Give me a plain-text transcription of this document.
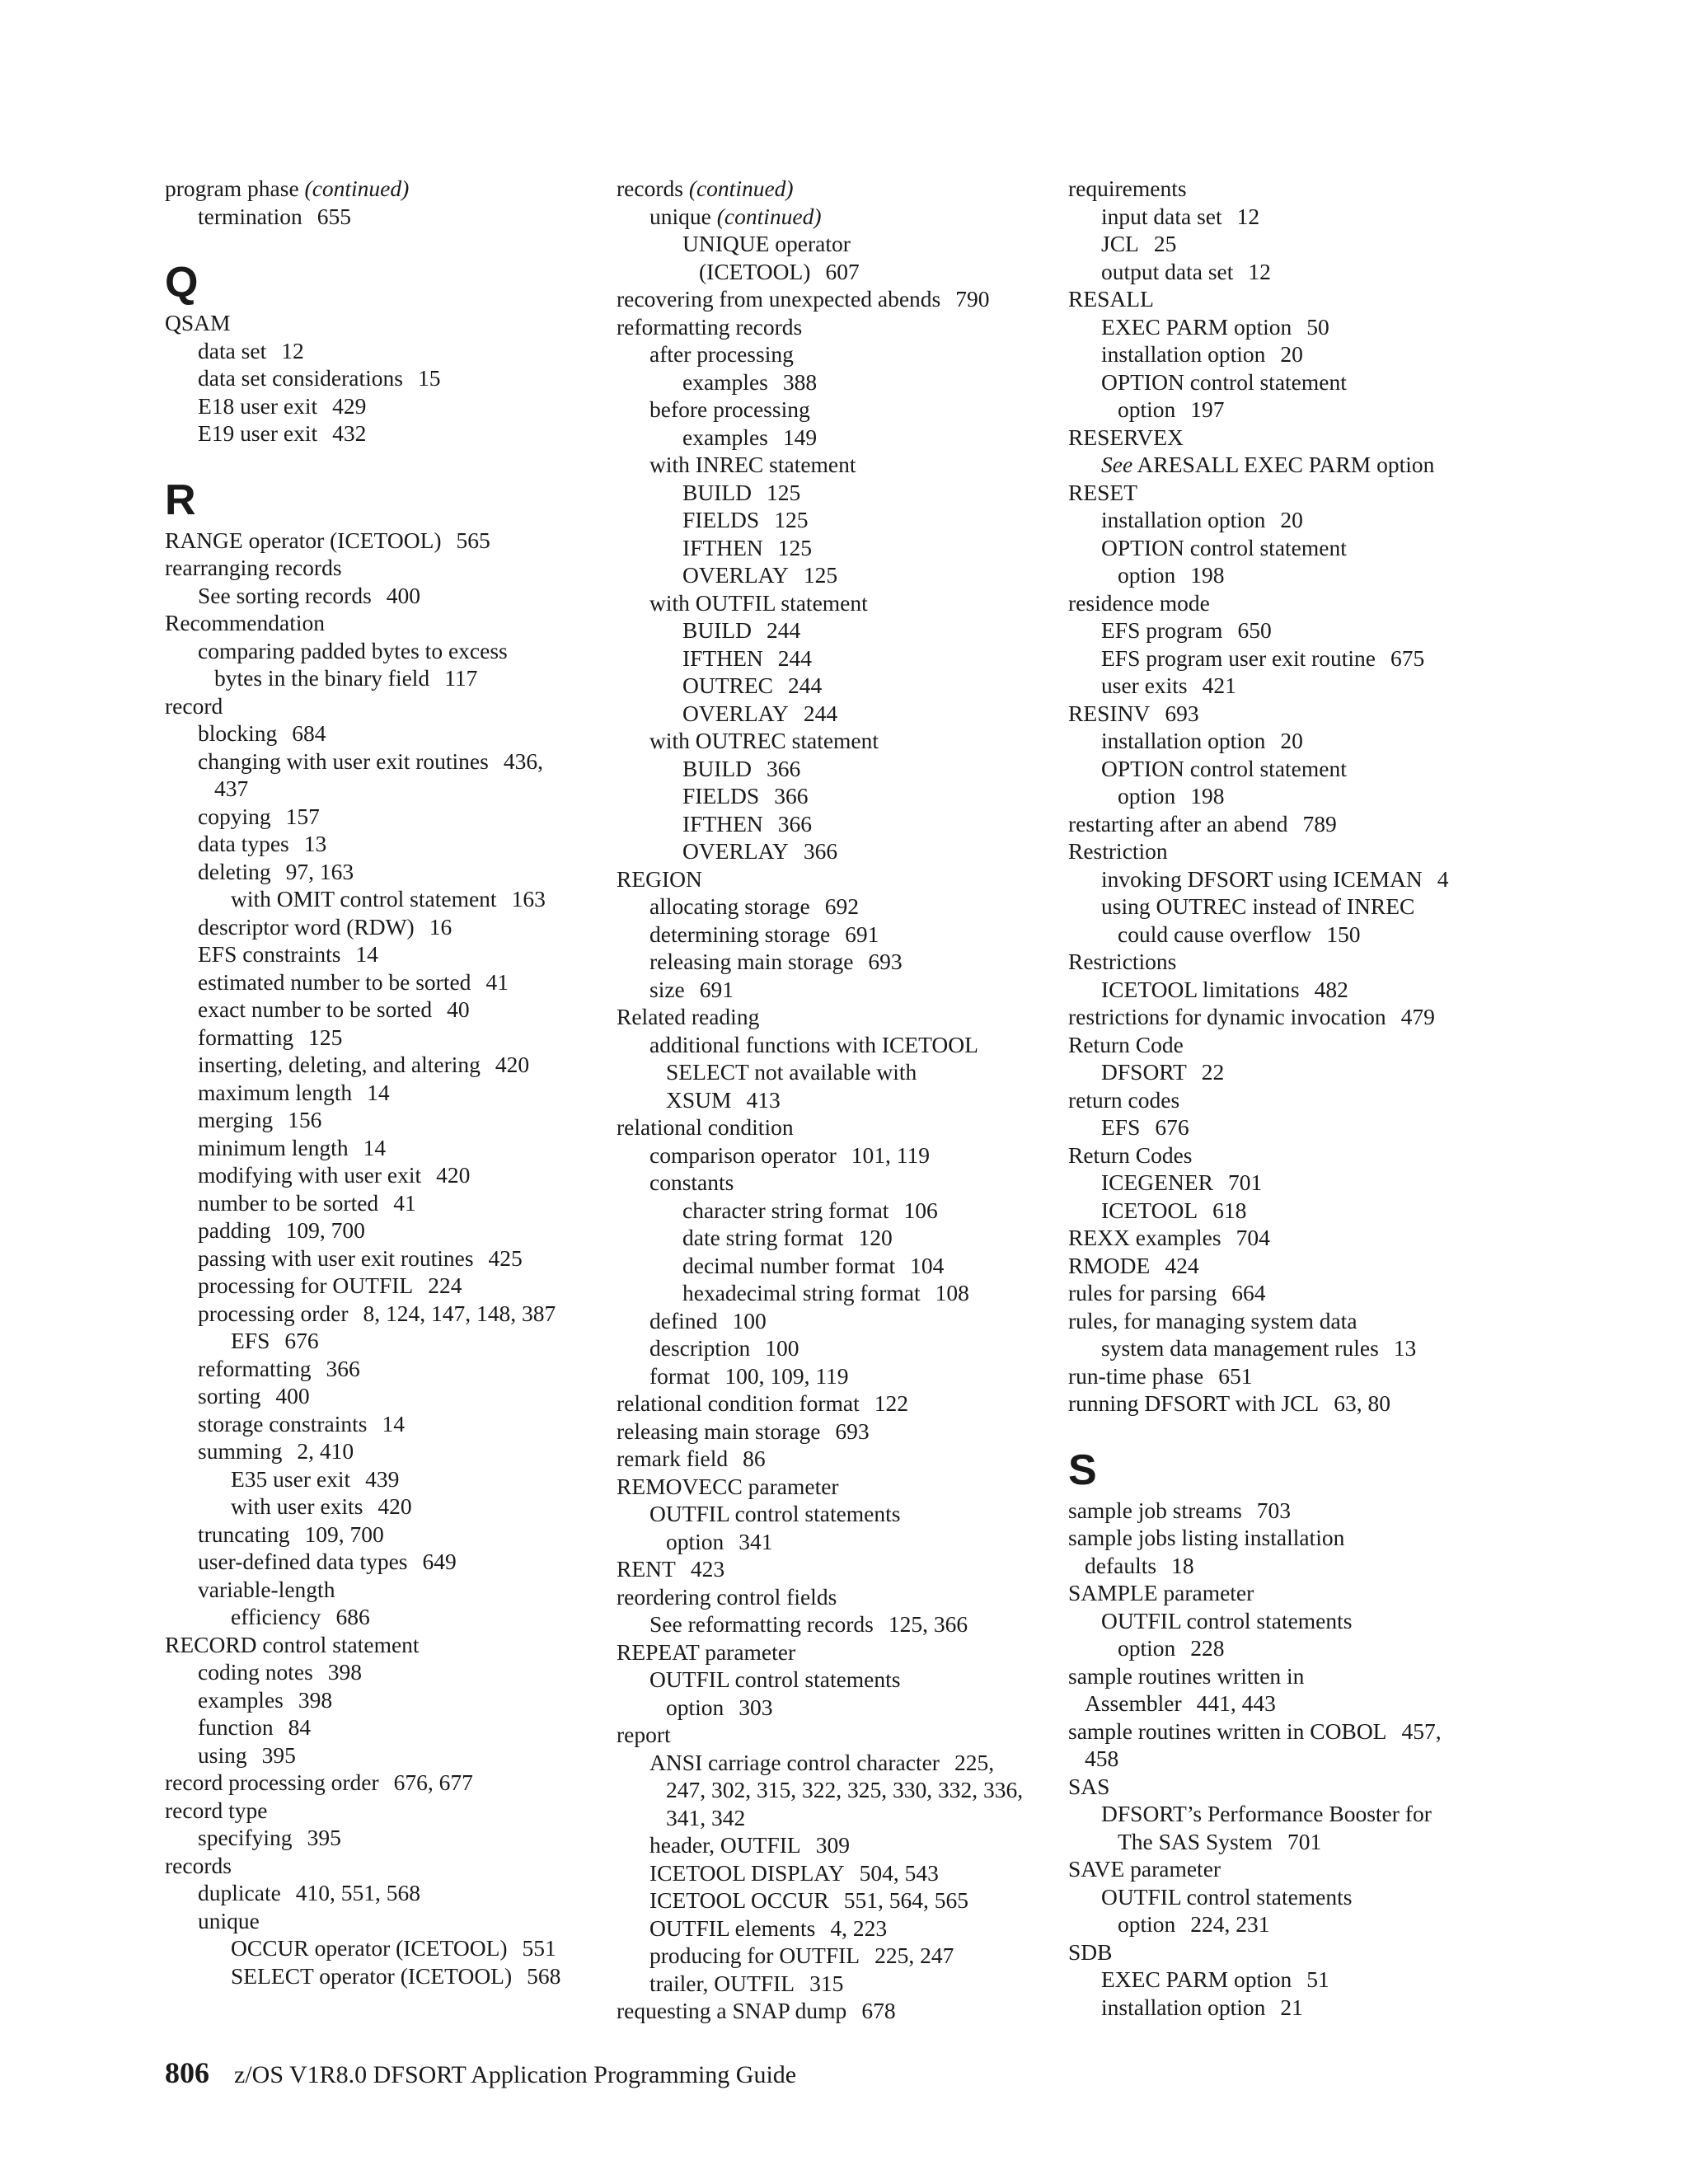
program phase (continued)
termination 655
Q
QSAM
data set 12
data set considerations 15
E18 user exit 429
E19 user exit 432
R
RANGE operator (ICETOOL) 565
rearranging records
See sorting records 400
Recommendation
comparing padded bytes to excess
bytes in the binary field 117
record
blocking 684
changing with user exit routines 436,
437
copying 157
data types 13
deleting 97, 163
with OMIT control statement 163
descriptor word (RDW) 16
EFS constraints 14
estimated number to be sorted 41
exact number to be sorted 40
formatting 125
inserting, deleting, and altering 420
maximum length 14
merging 156
minimum length 14
modifying with user exit 420
number to be sorted 41
padding 109, 700
passing with user exit routines 425
processing for OUTFIL 224
processing order 8, 124, 147, 148, 387
EFS 676
reformatting 366
sorting 400
storage constraints 14
summing 2, 410
E35 user exit 439
with user exits 420
truncating 109, 700
user-defined data types 649
variable-length
efficiency 686
RECORD control statement
coding notes 398
examples 398
function 84
using 395
record processing order 676, 677
record type
specifying 395
records
duplicate 410, 551, 568
unique
OCCUR operator (ICETOOL) 551
SELECT operator (ICETOOL) 568
records (continued)
unique (continued)
UNIQUE operator
(ICETOOL) 607
recovering from unexpected abends 790
reformatting records
after processing
examples 388
before processing
examples 149
with INREC statement
BUILD 125
FIELDS 125
IFTHEN 125
OVERLAY 125
with OUTFIL statement
BUILD 244
IFTHEN 244
OUTREC 244
OVERLAY 244
with OUTREC statement
BUILD 366
FIELDS 366
IFTHEN 366
OVERLAY 366
REGION
allocating storage 692
determining storage 691
releasing main storage 693
size 691
Related reading
additional functions with ICETOOL
SELECT not available with
XSUM 413
relational condition
comparison operator 101, 119
constants
character string format 106
date string format 120
decimal number format 104
hexadecimal string format 108
defined 100
description 100
format 100, 109, 119
relational condition format 122
releasing main storage 693
remark field 86
REMOVECC parameter
OUTFIL control statements
option 341
RENT 423
reordering control fields
See reformatting records 125, 366
REPEAT parameter
OUTFIL control statements
option 303
report
ANSI carriage control character 225,
247, 302, 315, 322, 325, 330, 332, 336,
341, 342
header, OUTFIL 309
ICETOOL DISPLAY 504, 543
ICETOOL OCCUR 551, 564, 565
OUTFIL elements 4, 223
producing for OUTFIL 225, 247
trailer, OUTFIL 315
requesting a SNAP dump 678
requirements
input data set 12
JCL 25
output data set 12
RESALL
EXEC PARM option 50
installation option 20
OPTION control statement
option 197
RESERVEX
See ARESALL EXEC PARM option
RESET
installation option 20
OPTION control statement
option 198
residence mode
EFS program 650
EFS program user exit routine 675
user exits 421
RESINV 693
installation option 20
OPTION control statement
option 198
restarting after an abend 789
Restriction
invoking DFSORT using ICEMAN 4
using OUTREC instead of INREC
could cause overflow 150
Restrictions
ICETOOL limitations 482
restrictions for dynamic invocation 479
Return Code
DFSORT 22
return codes
EFS 676
Return Codes
ICEGENER 701
ICETOOL 618
REXX examples 704
RMODE 424
rules for parsing 664
rules, for managing system data
system data management rules 13
run-time phase 651
running DFSORT with JCL 63, 80
S
sample job streams 703
sample jobs listing installation
defaults 18
SAMPLE parameter
OUTFIL control statements
option 228
sample routines written in
Assembler 441, 443
sample routines written in COBOL 457,
458
SAS
DFSORT’s Performance Booster for
The SAS System 701
SAVE parameter
OUTFIL control statements
option 224, 231
SDB
EXEC PARM option 51
installation option 21
806 z/OS V1R8.0 DFSORT Application Programming Guide
